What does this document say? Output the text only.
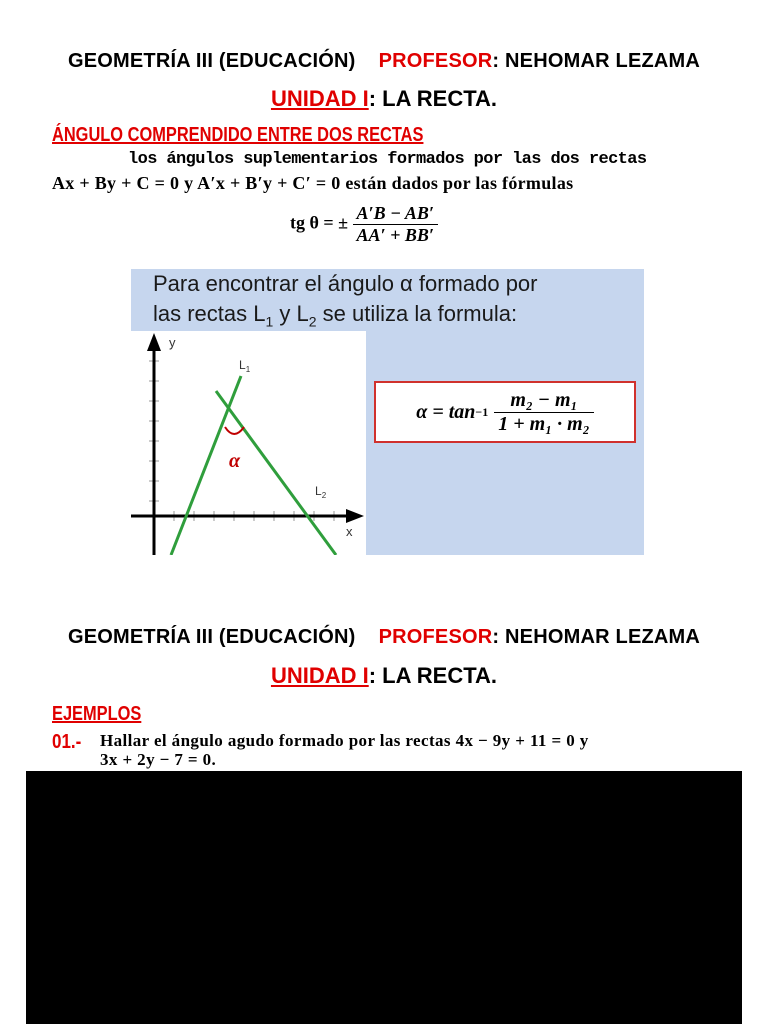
GEOMETRÍA III (EDUCACIÓN) PROFESOR: NEHOMAR LEZAMA
UNIDAD I: LA RECTA.
ÁNGULO COMPRENDIDO ENTRE DOS RECTAS
los ángulos suplementarios formados por las dos rectas
Ax + By + C = 0 y A′x + B′y + C′ = 0 están dados por las fórmulas
tg θ = ± $\frac{A'B - AB'}{AA' + BB'}$
Para encontrar el ángulo α formado por
las rectas $L_1$ y $L_2$ se utiliza la formula:
y
x
$L_1$
$L_2$
α
$\alpha = \tan -1 \frac{\text{m₂ − m₁}}{\text{1 + m₁ · m₂}}$
GEOMETRÍA III (EDUCACIÓN) PROFESOR: NEHOMAR LEZAMA
UNIDAD I: LA RECTA.
EJEMPLOS
01.- Hallar el ángulo agudo formado por las rectas 4x − 9y + 11 = 0 y
3x + 2y − 7 = 0.
